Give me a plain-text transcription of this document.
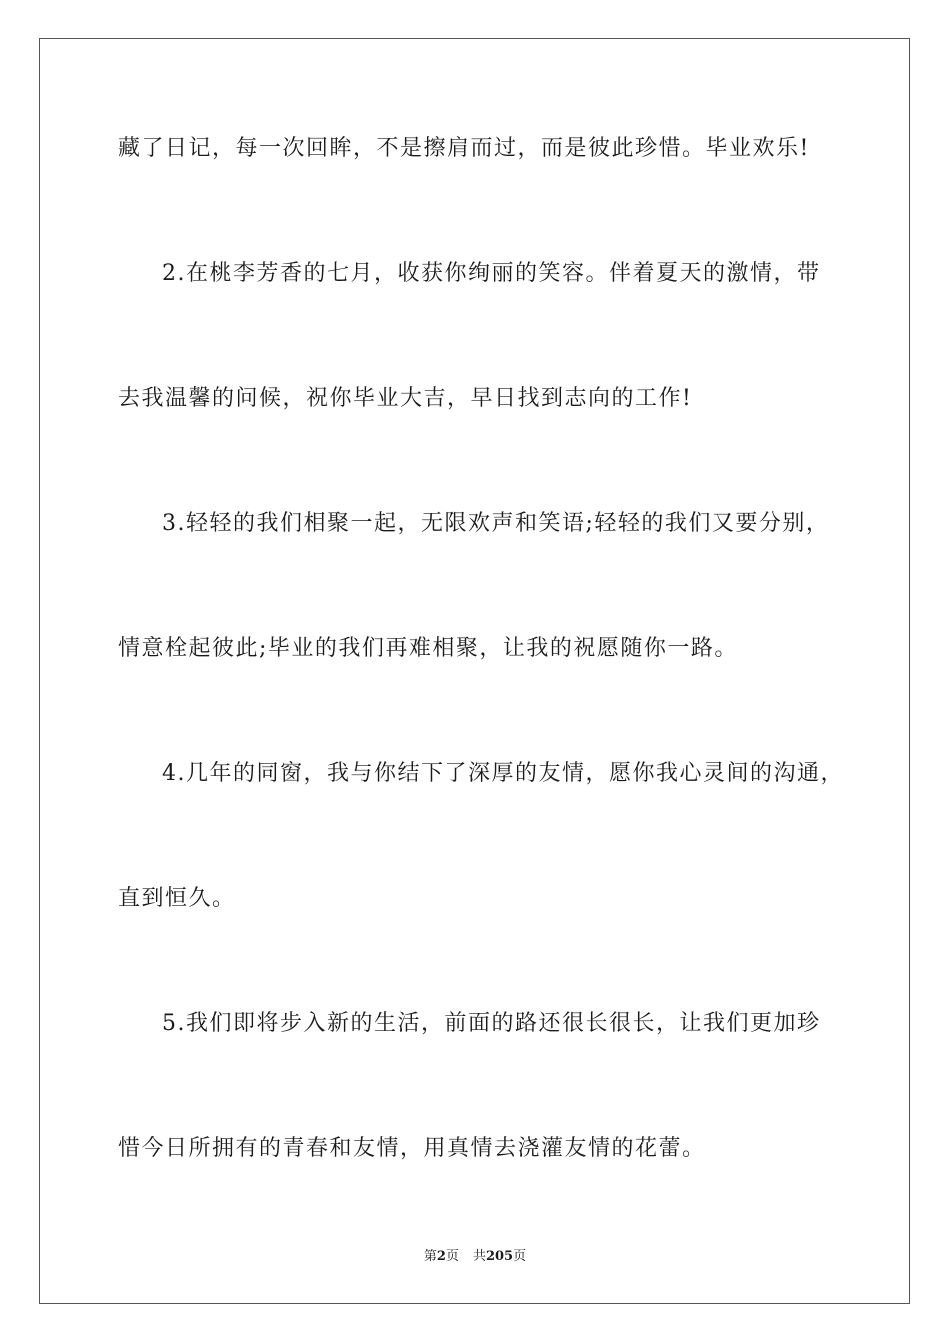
藏了日记，每一次回眸，不是擦肩而过，而是彼此珍惜。毕业欢乐!
2.在桃李芳香的七月，收获你绚丽的笑容。伴着夏天的激情，带
去我温馨的问候，祝你毕业大吉，早日找到志向的工作!
3.轻轻的我们相聚一起，无限欢声和笑语;轻轻的我们又要分别，
情意栓起彼此;毕业的我们再难相聚，让我的祝愿随你一路。
4.几年的同窗，我与你结下了深厚的友情，愿你我心灵间的沟通，
直到恒久。
5.我们即将步入新的生活，前面的路还很长很长，让我们更加珍
惜今日所拥有的青春和友情，用真情去浇灌友情的花蕾。
第2页 共205页
